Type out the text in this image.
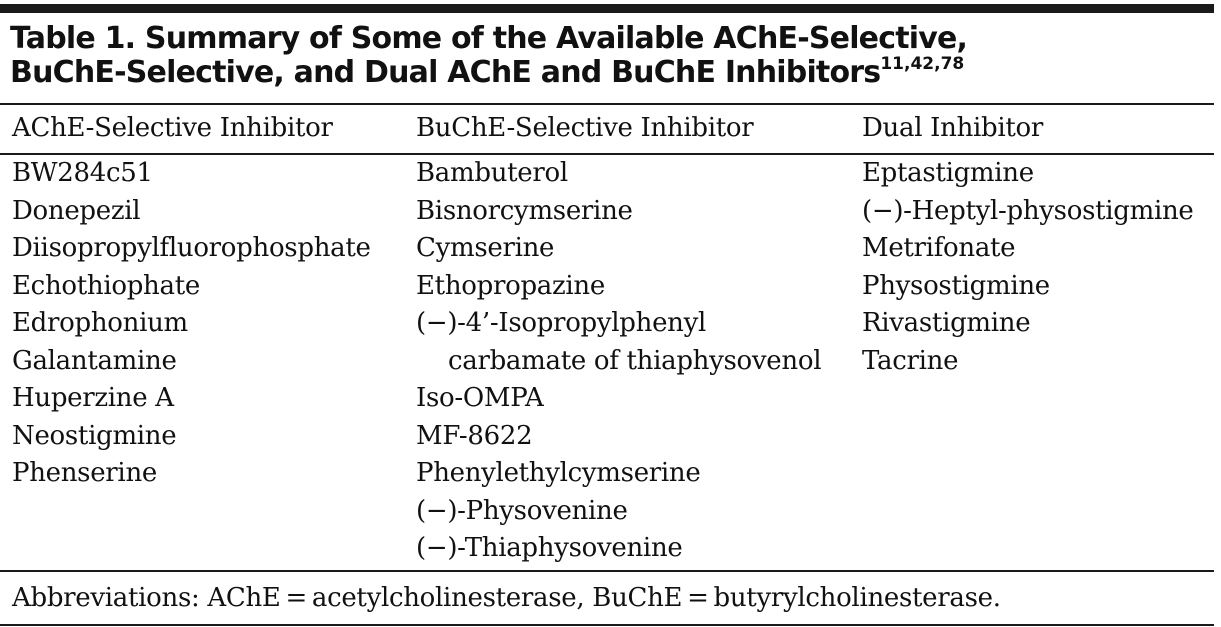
Table 1. Summary of Some of the Available AChE-Selective,
BuChE-Selective, and Dual AChE and BuChE Inhibitors$^{11,42,78}$
AChE-Selective Inhibitor	BuChE-Selective Inhibitor	Dual Inhibitor
BW284c51
Donepezil
Diisopropylfluorophosphate
Echothiophate
Edrophonium
Galantamine
Huperzine A
Neostigmine
Phenserine
Bambuterol
Bisnorcymserine
Cymserine
Ethopropazine
(−)-4’-Isopropylphenyl
carbamate of thiaphysovenol
Iso-OMPA
MF-8622
Phenylethylcymserine
(−)-Physovenine
(−)-Thiaphysovenine
Eptastigmine
(−)-Heptyl-physostigmine
Metrifonate
Physostigmine
Rivastigmine
Tacrine
Abbreviations: AChE = acetylcholinesterase, BuChE = butyrylcholinesterase.
